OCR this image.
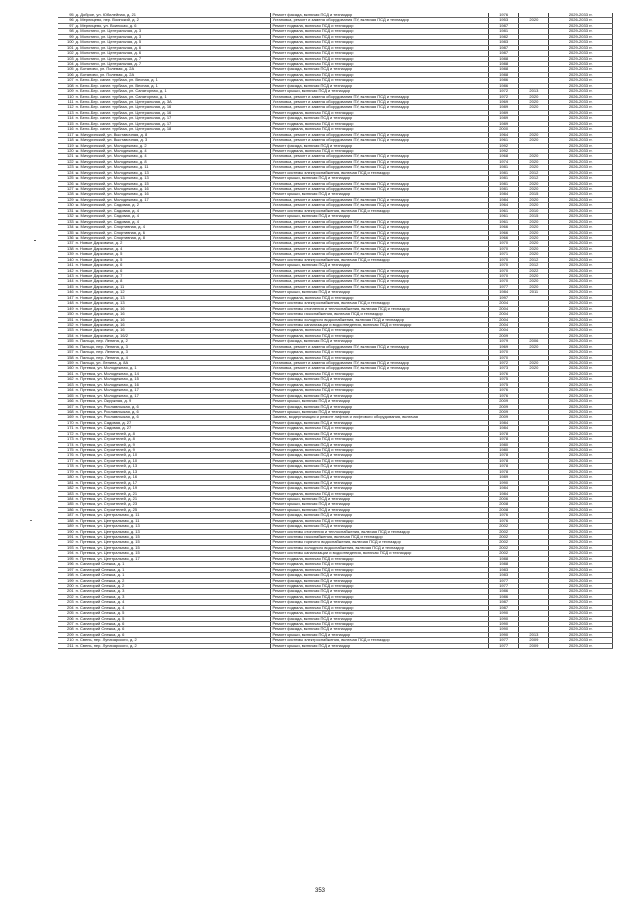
95	д. Доброе, ул. Юбилейная, д. 21	Ремонт фасада, включая ПСД и техназдор	1976		2029-2033 гг.
96	д. Мерлицево, пер. Воинский, д. 2	Установка, ремонт и замена оборудования ПУ, включая ПСД и техназдор	1953	2020	2026-2033 гг.
97	д. Мерлицево, ул. Воинская, д. 6	Ремонт подвала, включая ПСД и техназдор	1987		2029-2033 гг.
98	д. Молотино, ул. Центральная, д. 3	Ремонт подвала, включая ПСД и техназдор	1981		2029-2033 гг.
99	д. Молотино, ул. Центральная, д. 3	Ремонт подвала, включая ПСД и техназдор	1982		2029-2033 гг.
100	д. Молотино, ул. Центральная, д. 5	Ремонт подвала, включая ПСД и техназдор	1983		2029-2033 гг.
101	д. Молотино, ул. Центральная, д. 6	Ремонт подвала, включая ПСД и техназдор	1987		2029-2033 гг.
102	д. Молотино, ул. Центральная, д. 6	Ремонт подвала, включая ПСД и техназдор	1987		2029-2033 гг.
103	д. Молотино, ул. Центральная, д. 7	Ремонт подвала, включая ПСД и техназдор	1988		2029-2033 гг.
104	д. Молотино, ул. Центральная, д. 7	Ремонт подвала, включая ПСД и техназдор	1988		2029-2033 гг.
105	д. Ботаново, ул. Полевая, д. 2А	Ремонт фасада, включая ПСД и техназдор	1988		2029-2033 гг.
106	д. Ботаново, ул. Полевая, д. 2А	Ремонт подвала, включая ПСД и техназдор	1988		2029-2033 гг.
107	п. Бело-Бер. санат. турбаза, ул. Весная, д. 1	Ремонт подвала, включая ПСД и техназдор	1986		2029-2033 гг.
108	п. Бело-Бер. санат. турбаза, ул. Весная, д. 1	Ремонт фасада, включая ПСД и техназдор	1986		2029-2033 гг.
109	п. Бело-Бер. санат. турбаза, ул. Санаторная, д. 1	Ремонт крыши, включая ПСД и техназдор	1972	2013	2029-2033 гг.
110	п. Бело-Бер. санат. турбаза, ул. Санаторная, д. 1	Установка, ремонт и замена оборудования ПУ, включая ПСД и техназдор	1972	2020	2026-2033 гг.
111	п. Бело-Бер. санат. турбаза, ул. Центральная, д. 3А	Установка, ремонт и замена оборудования ПУ, включая ПСД и техназдор	1969	2020	2026-2033 гг.
112	п. Бело-Бер. санат. турбаза, ул. Центральная, д. 16	Установка, ремонт и замена оборудования ПУ, включая ПСД и техназдор	1989	2020	2026-2033 гг.
113	п. Бело-Бер. санат. турбаза, ул. Центральная, д. 16	Ремонт подвала, включая ПСД и техназдор	1989		2029-2033 гг.
114	п. Бело-Бер. санат. турбаза, ул. Центральная, д. 17	Ремонт фасада, включая ПСД и техназдор	1989		2029-2033 гг.
115	п. Бело-Бер. санат. турбаза, ул. Центральная, д. 17	Ремонт подвала, включая ПСД и техназдор	1989		2029-2033 гг.
116	п. Бело-Бер. санат. турбаза, ул. Центральная, д. 18	Ремонт подвала, включая ПСД и техназдор	2000		2029-2033 гг.
117	ж. Мичуринский, ул. Выставочная, д. 8	Установка, ремонт и замена оборудования ПУ, включая ПСД и техназдор	1964	2020	2026-2033 гг.
118	ж. Мичуринский, ул. Выставочная, д. 3	Установка, ремонт и замена оборудования ПУ, включая ПСД и техназдор	1961	2020	2026-2033 гг.
119	ж. Мичуринский, ул. Молодежная, д. 2	Ремонт фасада, включая ПСД и техназдор	1992		2029-2033 гг.
120	ж. Мичуринский, ул. Молодежная, д. 4	Ремонт подвала, включая ПСД и техназдор	1992		2029-2033 гг.
121	ж. Мичуринский, ул. Молодежная, д. 4	Установка, ремонт и замена оборудования ПУ, включая ПСД и техназдор	1968	2020	2026-2033 гг.
122	ж. Мичуринский, ул. Молодежная, д. 8	Установка, ремонт и замена оборудования ПУ, включая ПСД и техназдор	1974	2020	2026-2033 гг.
123	ж. Мичуринский, ул. Молодежная, д. 11	Установка, ремонт и замена оборудования ПУ, включая ПСД и техназдор	1981	2020	2026-2033 гг.
124	ж. Мичуринский, ул. Молодежная, д. 13	Ремонт системы электроснабжения, включая ПСД и техназдор	1981	2012	2029-2033 гг.
125	ж. Мичуринский, ул. Молодежная, д. 13	Ремонт крыши, включая ПСД и техназдор	1981	2012	2029-2033 гг.
126	ж. Мичуринский, ул. Молодежная, д. 15	Установка, ремонт и замена оборудования ПУ, включая ПСД и техназдор	1981	2020	2026-2033 гг.
127	ж. Мичуринский, ул. Молодежная, д. 16	Установка, ремонт и замена оборудования ПУ, включая ПСД и техназдор	1981	2020	2026-2033 гг.
128	ж. Мичуринский, ул. Молодежная, д. 16	Ремонт крыши, включая ПСД и техназдор	1984	2015	2029-2033 гг.
129	ж. Мичуринский, ул. Молодежная, д. 17	Установка, ремонт и замена оборудования ПУ, включая ПСД и техназдор	1984	2020	2026-2033 гг.
130	ж. Мичуринский, ул. Садовая, д. 2	Установка, ремонт и замена оборудования ПУ, включая ПСД и техназдор	1964	2020	2026-2033 гг.
131	ж. Мичуринский, ул. Садовая, д. 4	Ремонт системы электроснабжения, включая ПСД и техназдор	1961	2010	2029-2033 гг.
132	ж. Мичуринский, ул. Садовая, д. 4	Ремонт крыши, включая ПСД и техназдор	1961	2015	2029-2033 гг.
133	ж. Мичуринский, ул. Садовая, д. 4	Установка, ремонт и замена оборудования ПУ, включая ПСД и техназдор	1961	2020	2026-2033 гг.
134	ж. Мичуринский, ул. Спортивная, д. 4	Установка, ремонт и замена оборудования ПУ, включая ПСД и техназдор	1966	2020	2026-2033 гг.
135	ж. Мичуринский, ул. Спортивная, д. 6	Установка, ремонт и замена оборудования ПУ, включая ПСД и техназдор	1966	2020	2026-2033 гг.
136	ж. Мичуринский, ул. Спортивная, д. 8	Установка, ремонт и замена оборудования ПУ, включая ПСД и техназдор	1966	2020	2026-2033 гг.
137	п. Новые Дарковичи, д. 2	Установка, ремонт и замена оборудования ПУ, включая ПСД и техназдор	1970	2020	2026-2033 гг.
138	п. Новые Дарковичи, д. 4	Установка, ремонт и замена оборудования ПУ, включая ПСД и техназдор	1970	2020	2026-2033 гг.
139	п. Новые Дарковичи, д. 5	Установка, ремонт и замена оборудования ПУ, включая ПСД и техназдор	1971	2020	2026-2033 гг.
140	п. Новые Дарковичи, д. 5	Ремонт системы электроснабжения, включая ПСД и техназдор	1970	2012	2029-2033 гг.
141	п. Новые Дарковичи, д. 6	Ремонт крыши, включая ПСД и техназдор	1970	2012	2029-2033 гг.
142	п. Новые Дарковичи, д. 6	Установка, ремонт и замена оборудования ПУ, включая ПСД и техназдор	1970	2022	2026-2033 гг.
143	п. Новые Дарковичи, д. 7	Установка, ремонт и замена оборудования ПУ, включая ПСД и техназдор	1970	2020	2026-2033 гг.
144	п. Новые Дарковичи, д. 8	Установка, ремонт и замена оборудования ПУ, включая ПСД и техназдор	1970	2020	2026-2033 гг.
145	п. Новые Дарковичи, д. 11	Установка, ремонт и замена оборудования ПУ, включая ПСД и техназдор	1977	2020	2026-2033 гг.
146	п. Новые Дарковичи, д. 12	Ремонт крыши, включая ПСД и техназдор	1984	2011	2029-2033 гг.
147	п. Новые Дарковичи, д. 13	Ремонт подвала, включая ПСД и техназдор	1997		2029-2033 гг.
148	п. Новые Дарковичи, д. 13	Ремонт системы электроснабжения, включая ПСД и техназдор	2004		2029-2033 гг.
149	п. Новые Дарковичи, д. 16	Ремонт системы отопления и теплоснабжения, включая ПСД и техназдор	2004		2029-2033 гг.
150	п. Новые Дарковичи, д. 16	Ремонт системы газоснабжения, включая ПСД и техназдор	2004		2029-2033 гг.
151	п. Новые Дарковичи, д. 16	Ремонт системы холодного водоснабжения, включая ПСД и техназдор	2004		2029-2033 гг.
152	п. Новые Дарковичи, д. 16	Ремонт системы канализации и водоотведения, включая ПСД и техназдор	2004		2029-2033 гг.
153	п. Новые Дарковичи, д. 16	Ремонт подвала, включая ПСД и техназдор	2004		2029-2033 гг.
154	п. Новые Дарковичи, д. 16/2	Ремонт подвала, включая ПСД и техназдор	2009		2029-2033 гг.
155	п. Пальцо, пер. Ленина, д. 2	Ремонт фасада, включая ПСД и техназдор	1979	2006	2029-2033 гг.
156	п. Пальцо, пер. Ленина, д. 3	Установка, ремонт и замена оборудования ПУ, включая ПСД и техназдор	1969	2020	2026-2033 гг.
157	п. Пальцо, пер. Ленина, д. 3	Ремонт подвала, включая ПСД и техназдор	1970		2029-2033 гг.
158	п. Пальцо, пер. Ленина, д. 4	Ремонт подвала, включая ПСД и техназдор	1970		2029-2033 гг.
159	п. Пальцо, ул. Ленина, д. 8А	Установка, ремонт и замена оборудования ПУ, включая ПСД и техназдор	1972	2020	2026-2033 гг.
160	п. Путевка, ул. Молодежная, д. 1	Установка, ремонт и замена оборудования ПУ, включая ПСД и техназдор	1973	2020	2026-2033 гг.
161	п. Путевка, ул. Молодежная, д. 14	Ремонт подвала, включая ПСД и техназдор	1976		2029-2033 гг.
162	п. Путевка, ул. Молодежная, д. 15	Ремонт фасада, включая ПСД и техназдор	1975		2029-2033 гг.
163	п. Путевка, ул. Молодежная, д. 16	Ремонт подвала, включая ПСД и техназдор	1975		2029-2033 гг.
164	п. Путевка, ул. Молодежная, д. 17	Ремонт подвала, включая ПСД и техназдор	1976		2029-2033 гг.
165	п. Путевка, ул. Молодежная, д. 17	Ремонт фасада, включая ПСД и техназдор	1976		2029-2033 гг.
166	п. Путевка, ул. Окружная, д. 9	Ремонт крыши, включая ПСД и техназдор	2009		2029-2033 гг.
167	п. Путевка, ул. Рославльская, д. 6	Ремонт фасада, включая ПСД и техназдор	2009		2029-2033 гг.
168	п. Путевка, ул. Рославльская, д. 6	Ремонт крыши, включая ПСД и техназдор	2009		2029-2033 гг.
169	п. Путевка, ул. Рославльская, д. 6	Замена, модернизация и ремонт лифтов и лифтового оборудования, включая	2009		2029-2033 гг.
170	п. Путевка, ул. Садовая, д. 27	Ремонт фасада, включая ПСД и техназдор	1984		2029-2033 гг.
171	п. Путевка, ул. Садовая, д. 27	Ремонт подвала, включая ПСД и техназдор	1984		2029-2033 гг.
172	п. Путевка, ул. Строителей, д. 8	Ремонт фасада, включая ПСД и техназдор	1978		2029-2033 гг.
173	п. Путевка, ул. Строителей, д. 8	Ремонт подвала, включая ПСД и техназдор	1978		2029-2033 гг.
174	п. Путевка, ул. Строителей, д. 9	Ремонт фасада, включая ПСД и техназдор	1980		2029-2033 гг.
175	п. Путевка, ул. Строителей, д. 9	Ремонт подвала, включая ПСД и техназдор	1980		2029-2033 гг.
176	п. Путевка, ул. Строителей, д. 10	Ремонт фасада, включая ПСД и техназдор	1978		2029-2033 гг.
177	п. Путевка, ул. Строителей, д. 10	Ремонт подвала, включая ПСД и техназдор	1978		2029-2033 гг.
178	п. Путевка, ул. Строителей, д. 13	Ремонт фасада, включая ПСД и техназдор	1978		2029-2033 гг.
179	п. Путевка, ул. Строителей, д. 13	Ремонт подвала, включая ПСД и техназдор	1978		2029-2033 гг.
180	п. Путевка, ул. Строителей, д. 16	Ремонт фасада, включая ПСД и техназдор	1989		2029-2033 гг.
181	п. Путевка, ул. Строителей, д. 17	Ремонт фасада, включая ПСД и техназдор	1990		2029-2033 гг.
182	п. Путевка, ул. Строителей, д. 19	Ремонт фасада, включая ПСД и техназдор	1984		2029-2033 гг.
183	п. Путевка, ул. Строителей, д. 21	Ремонт подвала, включая ПСД и техназдор	1984		2029-2033 гг.
184	п. Путевка, ул. Строителей, д. 21	Ремонт крыши, включая ПСД и техназдор	2006		2029-2033 гг.
185	п. Путевка, ул. Строителей, д. 23	Ремонт крыши, включая ПСД и техназдор	2008		2029-2033 гг.
186	п. Путевка, ул. Строителей, д. 25	Ремонт крыши, включая ПСД и техназдор	2008		2029-2033 гг.
187	п. Путевка, ул. Центральная, д. 11	Ремонт фасада, включая ПСД и техназдор	1976		2029-2033 гг.
188	п. Путевка, ул. Центральная, д. 11	Ремонт подвала, включая ПСД и техназдор	1976		2029-2033 гг.
189	п. Путевка, ул. Центральная, д. 13	Ремонт фасада, включая ПСД и техназдор	2002		2029-2033 гг.
190	п. Путевка, ул. Центральная, д. 13	Ремонт системы отопления и теплоснабжения, включая ПСД и техназдор	2002		2029-2033 гг.
191	п. Путевка, ул. Центральная, д. 15	Ремонт системы газоснабжения, включая ПСД и техназдор	2002		2029-2033 гг.
192	п. Путевка, ул. Центральная, д. 15	Ремонт системы горячего водоснабжения, включая ПСД и техназдор	2002		2029-2033 гг.
193	п. Путевка, ул. Центральная, д. 15	Ремонт системы холодного водоснабжения, включая ПСД и техназдор	2002		2029-2033 гг.
194	п. Путевка, ул. Центральная, д. 15	Ремонт системы канализации и водоотведения, включая ПСД и техназдор	2002		2029-2033 гг.
195	п. Путевка, ул. Центральная, д. 17	Ремонт подвала, включая ПСД и техназдор	1988		2029-2033 гг.
196	п. Санаторий Снежка, д. 1	Ремонт подвала, включая ПСД и техназдор	1988		2029-2033 гг.
197	п. Санаторий Снежка, д. 1	Ремонт подвала, включая ПСД и техназдор	1983		2029-2033 гг.
198	п. Санаторий Снежка, д. 1	Ремонт фасада, включая ПСД и техназдор	1983		2029-2033 гг.
199	п. Санаторий Снежка, д. 2	Ремонт фасада, включая ПСД и техназдор	1977		2029-2033 гг.
200	п. Санаторий Снежка, д. 2	Ремонт подвала, включая ПСД и техназдор	1977		2029-2033 гг.
201	п. Санаторий Снежка, д. 3	Ремонт фасада, включая ПСД и техназдор	1986		2029-2033 гг.
202	п. Санаторий Снежка, д. 3	Ремонт подвала, включая ПСД и техназдор	1986		2029-2033 гг.
203	п. Санаторий Снежка, д. 4	Ремонт фасада, включая ПСД и техназдор	1987		2029-2033 гг.
204	п. Санаторий Снежка, д. 4	Ремонт подвала, включая ПСД и техназдор	1987		2029-2033 гг.
205	п. Санаторий Снежка, д. 5	Ремонт подвала, включая ПСД и техназдор	1990		2029-2033 гг.
206	п. Санаторий Снежка, д. 5	Ремонт фасада, включая ПСД и техназдор	1990		2029-2033 гг.
207	п. Санаторий Снежка, д. 6	Ремонт подвала, включая ПСД и техназдор	1990		2029-2033 гг.
208	п. Санаторий Снежка, д. 6	Ремонт фасада, включая ПСД и техназдор	1990		2029-2033 гг.
209	п. Санаторий Снежка, д. 6	Ремонт крыши, включая ПСД и техназдор	1990	2013	2029-2033 гг.
210	п. Свень, пер. Луначарского, д. 2	Ремонт системы электроснабжения, включая ПСД и техназдор	1977	2009	2029-2033 гг.
211	п. Свень, пер. Луначарского, д. 2	Ремонт крыши, включая ПСД и техназдор	1977	2009	2029-2033 гг.
353
